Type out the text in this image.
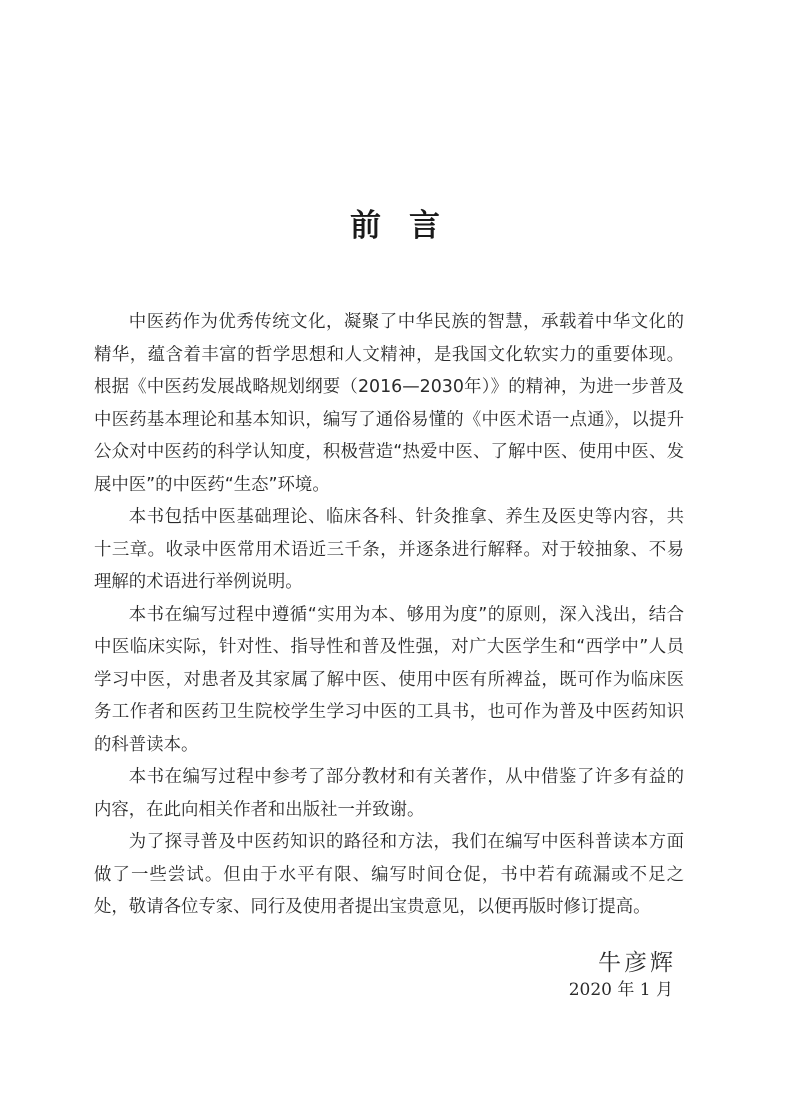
前言

中医药作为优秀传统文化，凝聚了中华民族的智慧，承载着中华文化的精华，蕴含着丰富的哲学思想和人文精神，是我国文化软实力的重要体现。根据《中医药发展战略规划纲要（2016—2030年）》的精神，为进一步普及中医药基本理论和基本知识，编写了通俗易懂的《中医术语一点通》，以提升公众对中医药的科学认知度，积极营造“热爱中医、了解中医、使用中医、发展中医”的中医药“生态”环境。

本书包括中医基础理论、临床各科、针灸推拿、养生及医史等内容，共十三章。收录中医常用术语近三千条，并逐条进行解释。对于较抽象、不易理解的术语进行举例说明。

本书在编写过程中遵循“实用为本、够用为度”的原则，深入浅出，结合中医临床实际，针对性、指导性和普及性强，对广大医学生和“西学中”人员学习中医，对患者及其家属了解中医、使用中医有所裨益，既可作为临床医务工作者和医药卫生院校学生学习中医的工具书，也可作为普及中医药知识的科普读本。

本书在编写过程中参考了部分教材和有关著作，从中借鉴了许多有益的内容，在此向相关作者和出版社一并致谢。

为了探寻普及中医药知识的路径和方法，我们在编写中医科普读本方面做了一些尝试。但由于水平有限、编写时间仓促，书中若有疏漏或不足之处，敬请各位专家、同行及使用者提出宝贵意见，以便再版时修订提高。

牛彦辉
2020 年 1 月
